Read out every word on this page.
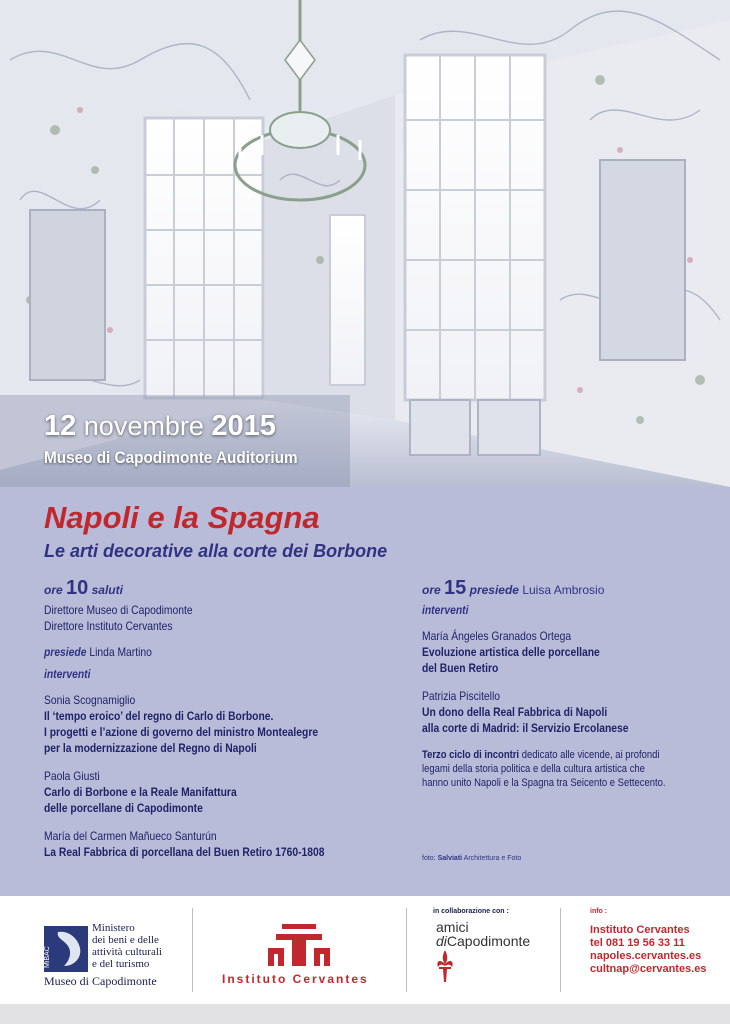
12 novembre 2015
Museo di Capodimonte Auditorium
Napoli e la Spagna
Le arti decorative alla corte dei Borbone
ore 10 saluti
Direttore Museo di Capodimonte
Direttore Instituto Cervantes
presiede Linda Martino
interventi
Sonia Scognamiglio
Il ‘tempo eroico’ del regno di Carlo di Borbone.
I progetti e l’azione di governo del ministro Montealegre
per la modernizzazione del Regno di Napoli
Paola Giusti
Carlo di Borbone e la Reale Manifattura
delle porcellane di Capodimonte
María del Carmen Mañueco Santurún
La Real Fabbrica di porcellana del Buen Retiro 1760-1808
ore 15 presiede Luisa Ambrosio
interventi
María Ángeles Granados Ortega
Evoluzione artistica delle porcellane
del Buen Retiro
Patrizia Piscitello
Un dono della Real Fabbrica di Napoli
alla corte di Madrid: il Servizio Ercolanese
Terzo ciclo di incontri dedicato alle vicende, ai profondi
legami della storia politica e della cultura artistica che
hanno unito Napoli e la Spagna tra Seicento e Settecento.
foto: Salviati Architettura e Foto
MiBAC
Ministero
dei beni e delle
attività culturali
e del turismo
Museo di Capodimonte	Instituto Cervantes
in collaborazione con :
amici
diCapodimonte
info :
Instituto Cervantes
tel 081 19 56 33 11
napoles.cervantes.es
cultnap@cervantes.es
